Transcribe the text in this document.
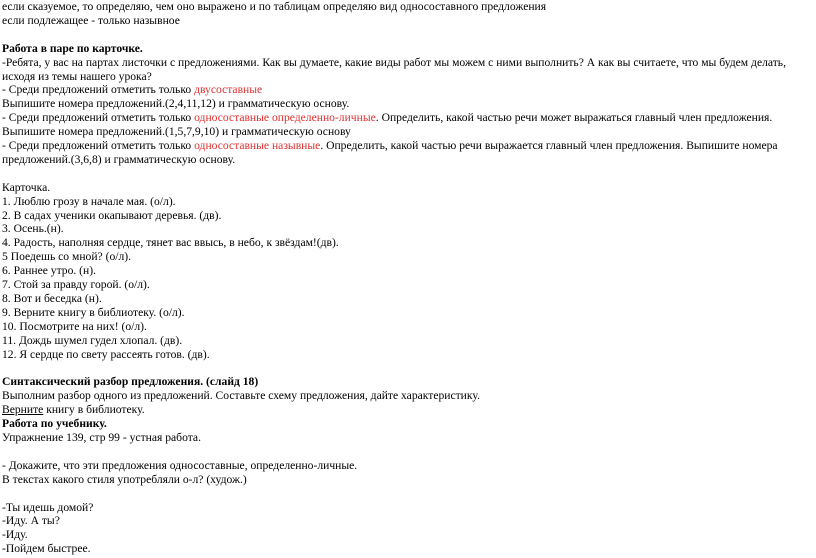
если сказуемое, то определяю, чем оно выражено и по таблицам определяю вид односоставного предложения
если подлежащее - только назывное
Работа в паре по карточке.
-Ребята, у вас на партах листочки с предложениями. Как вы думаете, какие виды работ мы можем с ними выполнить? А как вы считаете, что мы будем делать, исходя из темы нашего урока?
- Среди предложений отметить только двусоставные
Выпишите номера предложений.(2,4,11,12) и грамматическую основу.
- Среди предложений отметить только односоставные определенно-личные. Определить, какой частью речи может выражаться главный член предложения. Выпишите номера предложений.(1,5,7,9,10) и грамматическую основу
- Среди предложений отметить только односоставные назывные. Определить, какой частью речи выражается главный член предложения. Выпишите номера предложений.(3,6,8) и грамматическую основу.
Карточка.
1. Люблю грозу в начале мая. (о/л).
2. В садах ученики окапывают деревья. (дв).
3. Осень.(н).
4. Радость, наполняя сердце, тянет вас ввысь, в небо, к звёздам!(дв).
5 Поедешь со мной? (о/л).
6. Раннее утро. (н).
7. Стой за правду горой. (о/л).
8. Вот и беседка (н).
9. Верните книгу в библиотеку. (о/л).
10. Посмотрите на них! (о/л).
11. Дождь шумел гудел хлопал. (дв).
12. Я сердце по свету рассеять готов. (дв).
Синтаксический разбор предложения. (слайд 18)
Выполним разбор одного из предложений. Составьте схему предложения, дайте характеристику.
Верните книгу в библиотеку.
Работа по учебнику.
Упражнение 139, стр 99 - устная работа.
- Докажите, что эти предложения односоставные, определенно-личные.
В текстах какого стиля употребляли о-л? (худож.)
-Ты идешь домой?
-Иду. А ты?
-Иду.
-Пойдем быстрее.
